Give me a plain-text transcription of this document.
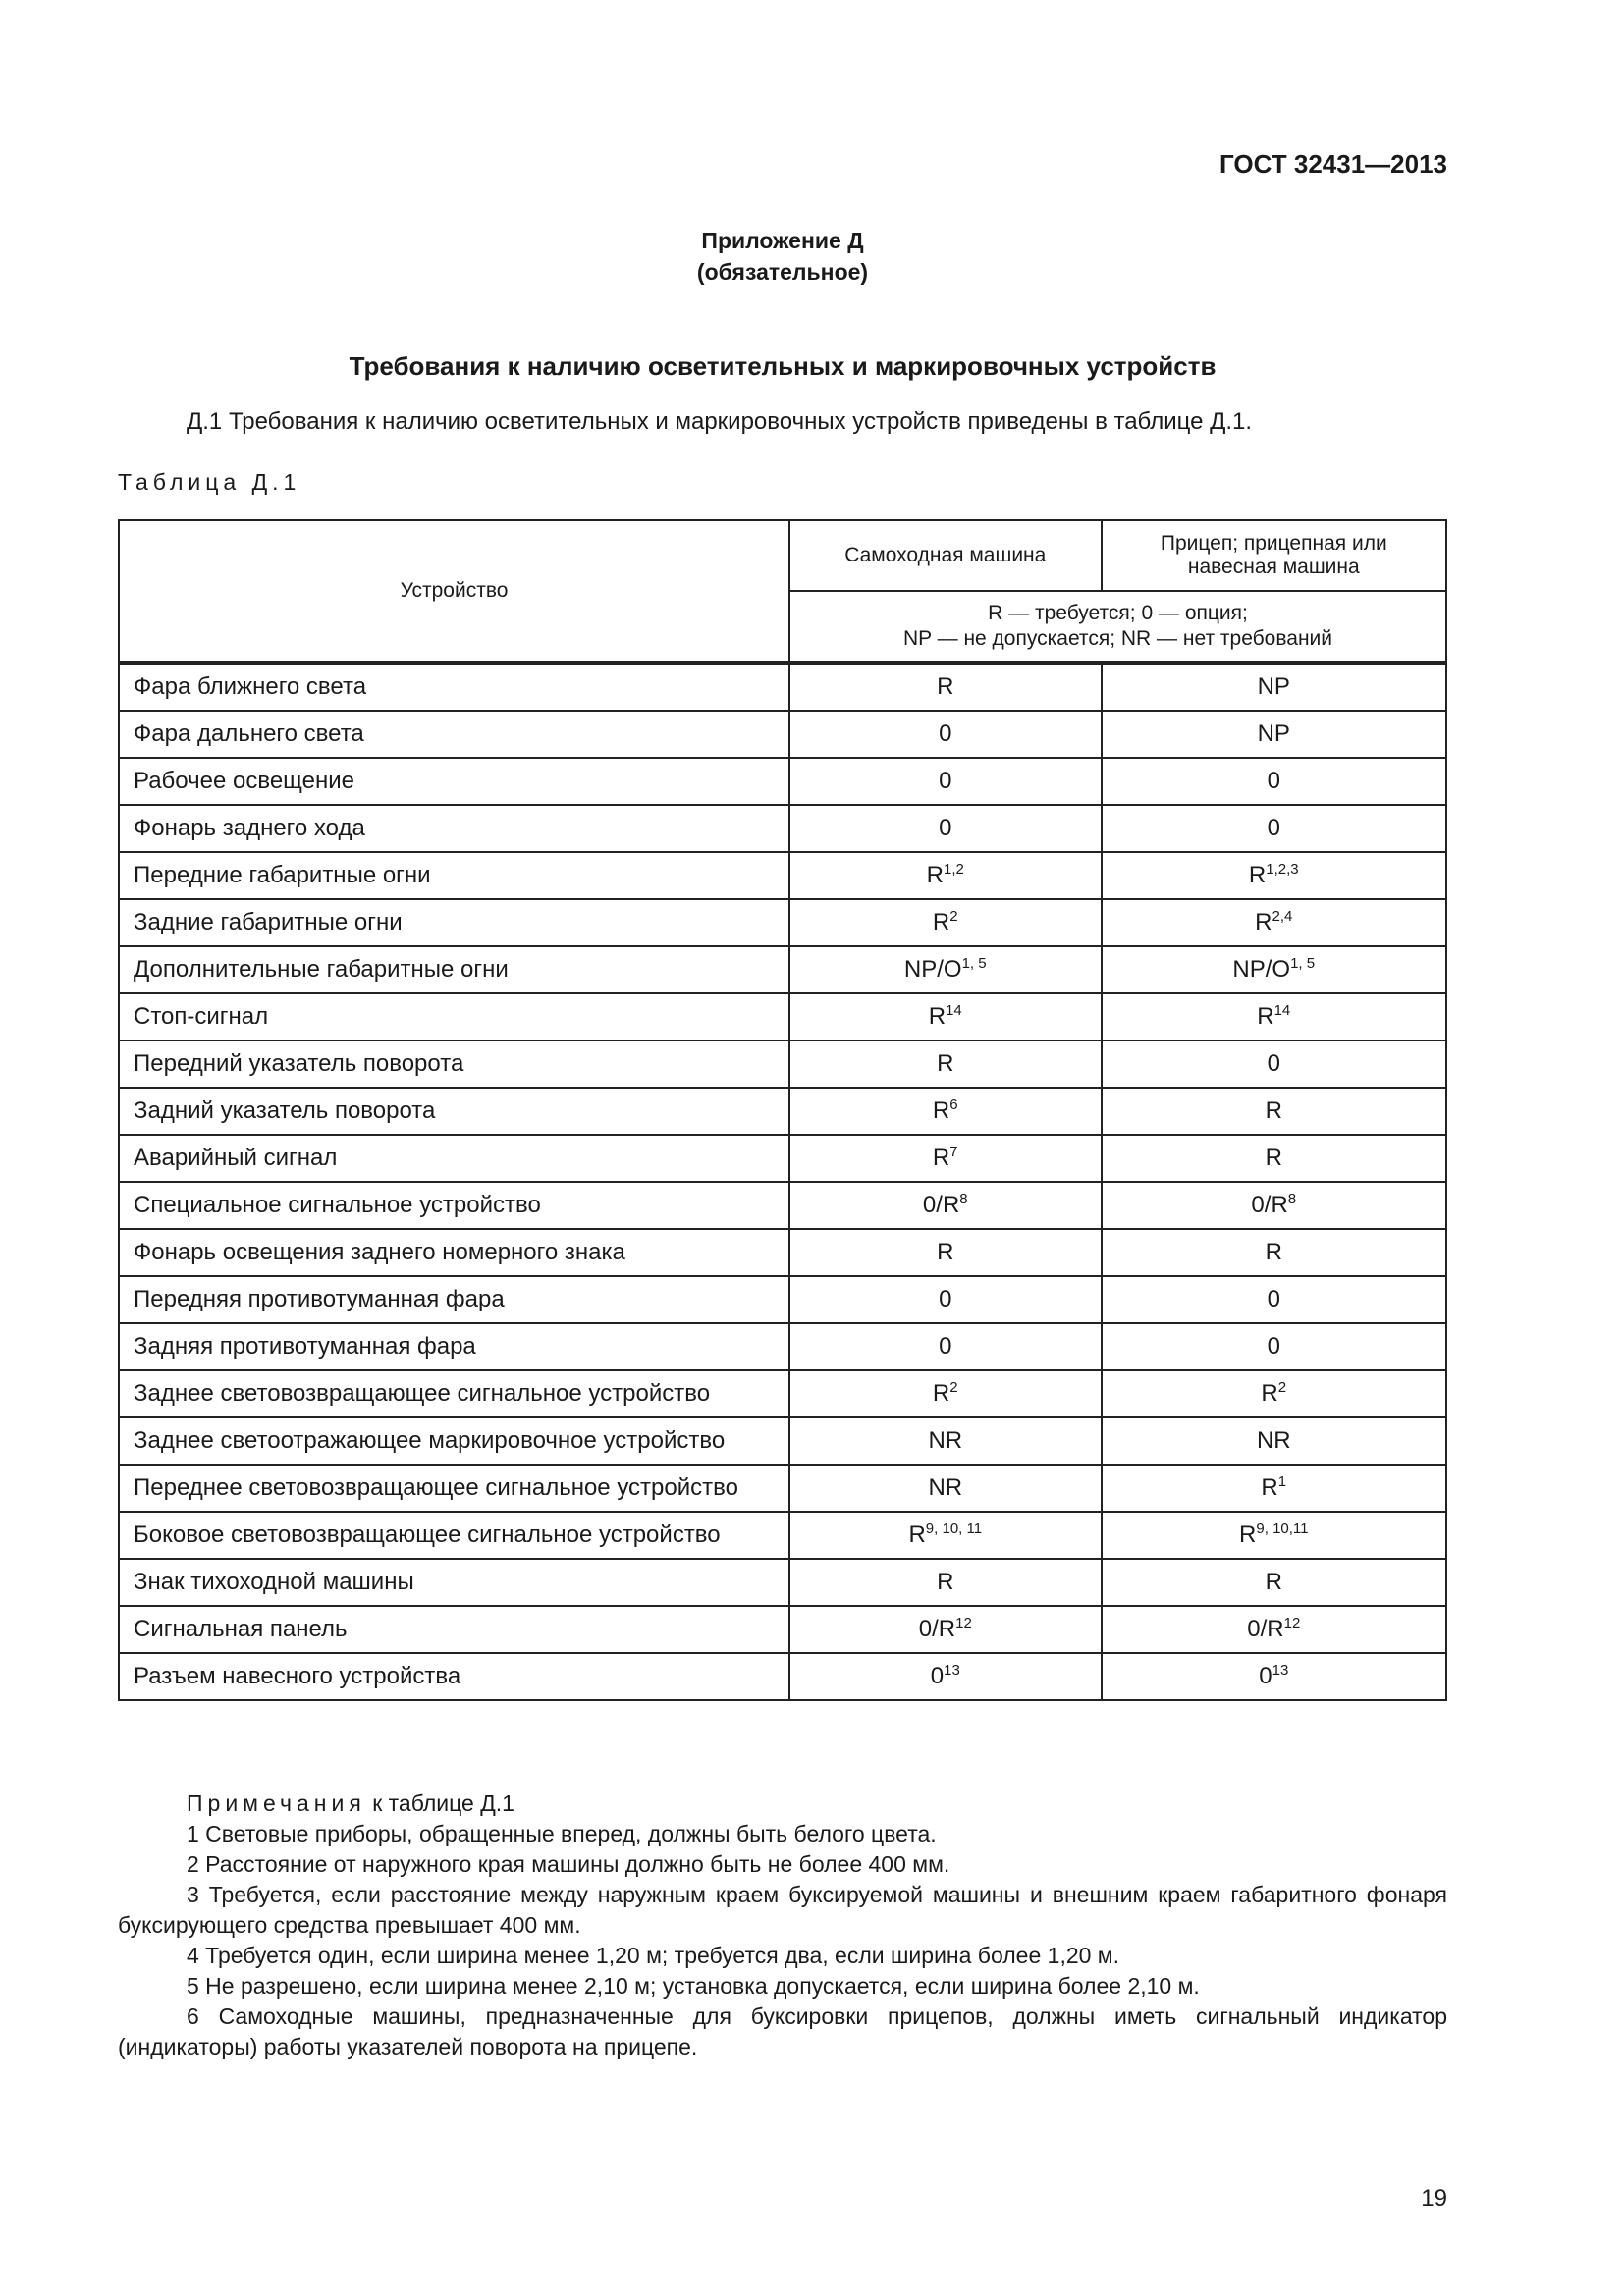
ГОСТ 32431—2013
Приложение Д
(обязательное)
Требования к наличию осветительных и маркировочных устройств
Д.1 Требования к наличию осветительных и маркировочных устройств приведены в таблице Д.1.
Таблица Д.1
Устройство	Самоходная машина	Прицеп; прицепная или
навесная машина
	R — требуется; 0 — опция;
NP — не допускается; NR — нет требований	

Фара ближнего света	R	NP
Фара дальнего света	0	NP
Рабочее освещение	0	0
Фонарь заднего хода	0	0
Передние габаритные огни	R$^{1,2}$	R$^{1,2,3}$
Задние габаритные огни	$R^2$	R$^{2,4}$
Дополнительные габаритные огни	$NP/O^{1, 5}$	$NP/O^{1, 5}$
Стоп-сигнал	$R^{14}$	$R^{14}$
Передний указатель поворота	R	0
Задний указатель поворота	$R^6$	R
Аварийный сигнал	$R^7$	R
Специальное сигнальное устройство	$0/R^8$	$0/R^8$
Фонарь освещения заднего номерного знака	R	R
Передняя противотуманная фара	0	0
Задняя противотуманная фара	0	0
Заднее световозвращающее сигнальное устройство	$R^2$	$R^2$
Заднее светоотражающее маркировочное устройство	NR	NR
Переднее световозвращающее сигнальное устройство	NR	$R^1$
Боковое световозвращающее сигнальное устройство	R$^{9, 10, 11}$	R$^{9, 10,11}$
Знак тихоходной машины	R	R
Сигнальная панель	$0/R^{12}$	$0/R^{12}$
Разъем навесного устройства	$0^{13}$	$0^{13}$
Примечания к таблице Д.1
1 Световые приборы, обращенные вперед, должны быть белого цвета.
2 Расстояние от наружного края машины должно быть не более 400 мм.
3 Требуется, если расстояние между наружным краем буксируемой машины и внешним краем габаритного фонаря буксирующего средства превышает 400 мм.
4 Требуется один, если ширина менее 1,20 м; требуется два, если ширина более 1,20 м.
5 Не разрешено, если ширина менее 2,10 м; установка допускается, если ширина более 2,10 м.
6 Самоходные машины, предназначенные для буксировки прицепов, должны иметь сигнальный индикатор (индикаторы) работы указателей поворота на прицепе.
19
